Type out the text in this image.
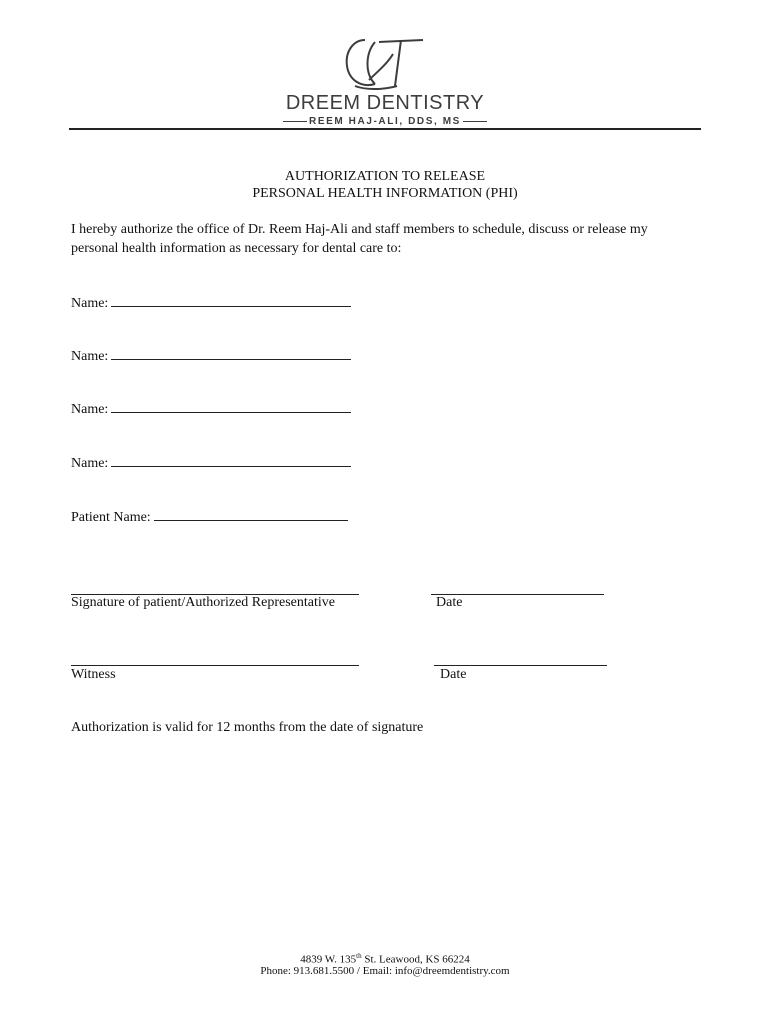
DREEM DENTISTRY
REEM HAJ-ALI, DDS, MS
AUTHORIZATION TO RELEASE
PERSONAL HEALTH INFORMATION (PHI)
I hereby authorize the office of Dr. Reem Haj-Ali and staff members to schedule, discuss or release my
personal health information as necessary for dental care to:
Name:
Name:
Name:
Name:
Patient Name:
Signature of patient/Authorized Representative	Date
Witness	Date
Authorization is valid for 12 months from the date of signature
4839 W. 135th St. Leawood, KS 66224
Phone: 913.681.5500 / Email: info@dreemdentistry.com
